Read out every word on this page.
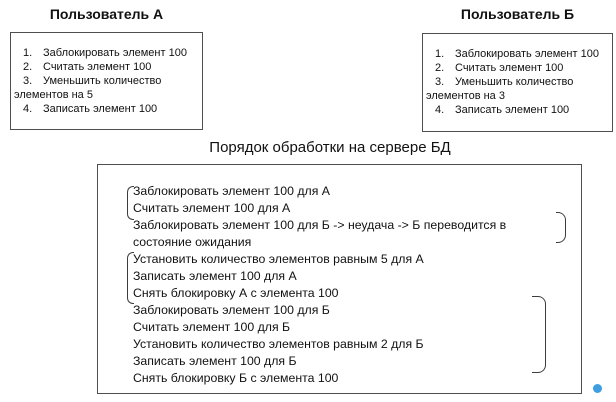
Пользователь А	Пользователь Б
1. Заблокировать элемент 100
2. Считать элемент 100
3. Уменьшить количество элементов на 5
4. Записать элемент 100
1. Заблокировать элемент 100
2. Считать элемент 100
3. Уменьшить количество элементов на 3
4. Записать элемент 100
Порядок обработки на сервере БД
Заблокировать элемент 100 для А
Считать элемент 100 для А
Заблокировать элемент 100 для Б -> неудача -> Б переводится в
состояние ожидания
Установить количество элементов равным 5 для А
Записать элемент 100 для А
Снять блокировку А с элемента 100
Заблокировать элемент 100 для Б
Считать элемент 100 для Б
Установить количество элементов равным 2 для Б
Записать элемент 100 для Б
Снять блокировку Б с элемента 100
